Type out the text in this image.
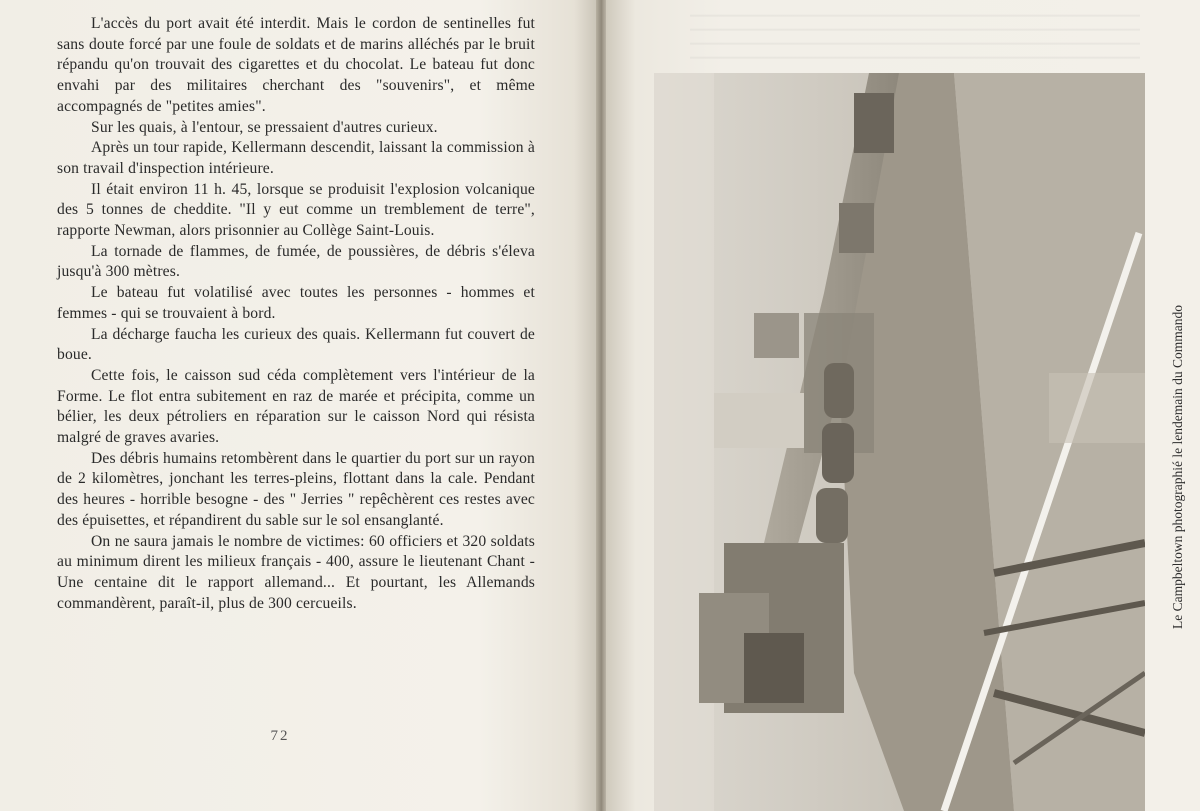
L'accès du port avait été interdit. Mais le cordon de sentinelles fut sans doute forcé par une foule de soldats et de marins alléchés par le bruit répandu qu'on trouvait des cigarettes et du chocolat. Le bateau fut donc envahi par des militaires cherchant des "souvenirs", et même accompagnés de "petites amies".

Sur les quais, à l'entour, se pressaient d'autres curieux.

Après un tour rapide, Kellermann descendit, laissant la commission à son travail d'inspection intérieure.

Il était environ 11 h. 45, lorsque se produisit l'explosion volcanique des 5 tonnes de cheddite. "Il y eut comme un tremblement de terre", rapporte Newman, alors prisonnier au Collège Saint-Louis.

La tornade de flammes, de fumée, de poussières, de débris s'éleva jusqu'à 300 mètres.

Le bateau fut volatilisé avec toutes les personnes - hommes et femmes - qui se trouvaient à bord.

La décharge faucha les curieux des quais. Kellermann fut couvert de boue.

Cette fois, le caisson sud céda complètement vers l'intérieur de la Forme. Le flot entra subitement en raz de marée et précipita, comme un bélier, les deux pétroliers en réparation sur le caisson Nord qui résista malgré de graves avaries.

Des débris humains retombèrent dans le quartier du port sur un rayon de 2 kilomètres, jonchant les terres-pleins, flottant dans la cale. Pendant des heures - horrible besogne - des " Jerries " repêchèrent ces restes avec des épuisettes, et répandirent du sable sur le sol ensanglanté.

On ne saura jamais le nombre de victimes: 60 officiers et 320 soldats au minimum dirent les milieux français - 400, assure le lieutenant Chant - Une centaine dit le rapport allemand... Et pourtant, les Allemands commandèrent, paraît-il, plus de 300 cercueils.

72
Le Campbeltown photographié le lendemain du Commando
